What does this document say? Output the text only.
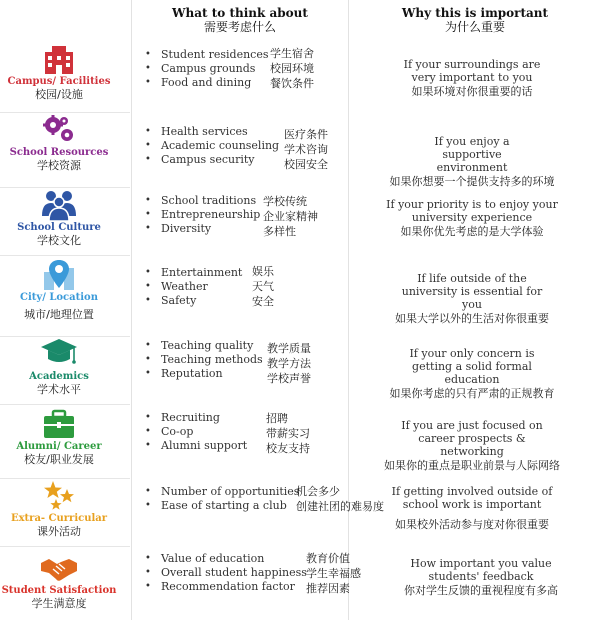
What to think about
需要考虑什么
Why this is important
为什么重要
Campus/ Facilities
校园/设施
• Student residences
• Campus grounds
• Food and dining
学生宿舍
校园环境
餐饮条件
If your surroundings are very important to you
如果环境对你很重要的话
School Resources
学校资源
• Health services
• Academic counseling
• Campus security
医疗条件
学术咨询
校园安全
If you enjoy a supportive environment
如果你想要一个提供支持多的环境
School Culture
学校文化
• School traditions
• Entrepreneurship
• Diversity
学校传统
企业家精神
多样性
If your priority is to enjoy your university experience
如果你优先考虑的是大学体验
City/ Location
城市/地理位置
• Entertainment
• Weather
• Safety
娱乐
天气
安全
If life outside of the university is essential for you
如果大学以外的生活对你很重要
Academics
学术水平
• Teaching quality
• Teaching methods
• Reputation
教学质量
教学方法
学校声誉
If your only concern is getting a solid formal education
如果你考虑的只有严肃的正规教育
Alumni/ Career
校友/职业发展
• Recruiting
• Co-op
• Alumni support
招聘
带薪实习
校友支持
If you are just focused on career prospects & networking
如果你的重点是职业前景与人际网络
Extra- Curricular
课外活动
• Number of opportunities
• Ease of starting a club
机会多少
创建社团的难易度
If getting involved outside of school work is important
如果校外活动参与度对你很重要
Student Satisfaction
学生满意度
• Value of education
• Overall student happiness
• Recommendation factor
教育价值
学生幸福感
推荐因素
How important you value students' feedback
你对学生反馈的重视程度有多高
